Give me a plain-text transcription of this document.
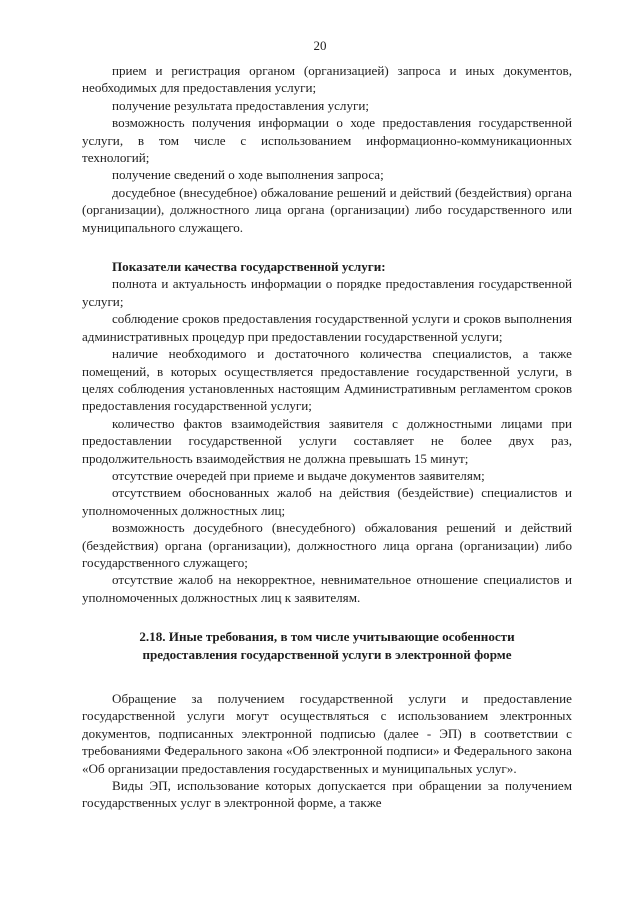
20

прием и регистрация органом (организацией) запроса и иных документов, необходимых для предоставления услуги;

получение результата предоставления услуги;

возможность получения информации о ходе предоставления государственной услуги, в том числе с использованием информационно-коммуникационных технологий;

получение сведений о ходе выполнения запроса;

досудебное (внесудебное) обжалование решений и действий (бездействия) органа (организации), должностного лица органа (организации) либо государственного или муниципального служащего.

Показатели качества государственной услуги:

полнота и актуальность информации о порядке предоставления государственной услуги;

соблюдение сроков предоставления государственной услуги и сроков выполнения административных процедур при предоставлении государственной услуги;

наличие необходимого и достаточного количества специалистов, а также помещений, в которых осуществляется предоставление государственной услуги, в целях соблюдения установленных настоящим Административным регламентом сроков предоставления государственной услуги;

количество фактов взаимодействия заявителя с должностными лицами при предоставлении государственной услуги составляет не более двух раз, продолжительность взаимодействия не должна превышать 15 минут;

отсутствие очередей при приеме и выдаче документов заявителям;

отсутствием обоснованных жалоб на действия (бездействие) специалистов и уполномоченных должностных лиц;

возможность досудебного (внесудебного) обжалования решений и действий (бездействия) органа (организации), должностного лица органа (организации) либо государственного служащего;

отсутствие жалоб на некорректное, невнимательное отношение специалистов и уполномоченных должностных лиц к заявителям.

2.18. Иные требования, в том числе учитывающие особенности

предоставления государственной услуги в электронной форме

Обращение за получением государственной услуги и предоставление государственной услуги могут осуществляться с использованием электронных документов, подписанных электронной подписью (далее - ЭП) в соответствии с требованиями Федерального закона «Об электронной подписи» и Федерального закона «Об организации предоставления государственных и муниципальных услуг».

Виды ЭП, использование которых допускается при обращении за получением государственных услуг в электронной форме, а также
